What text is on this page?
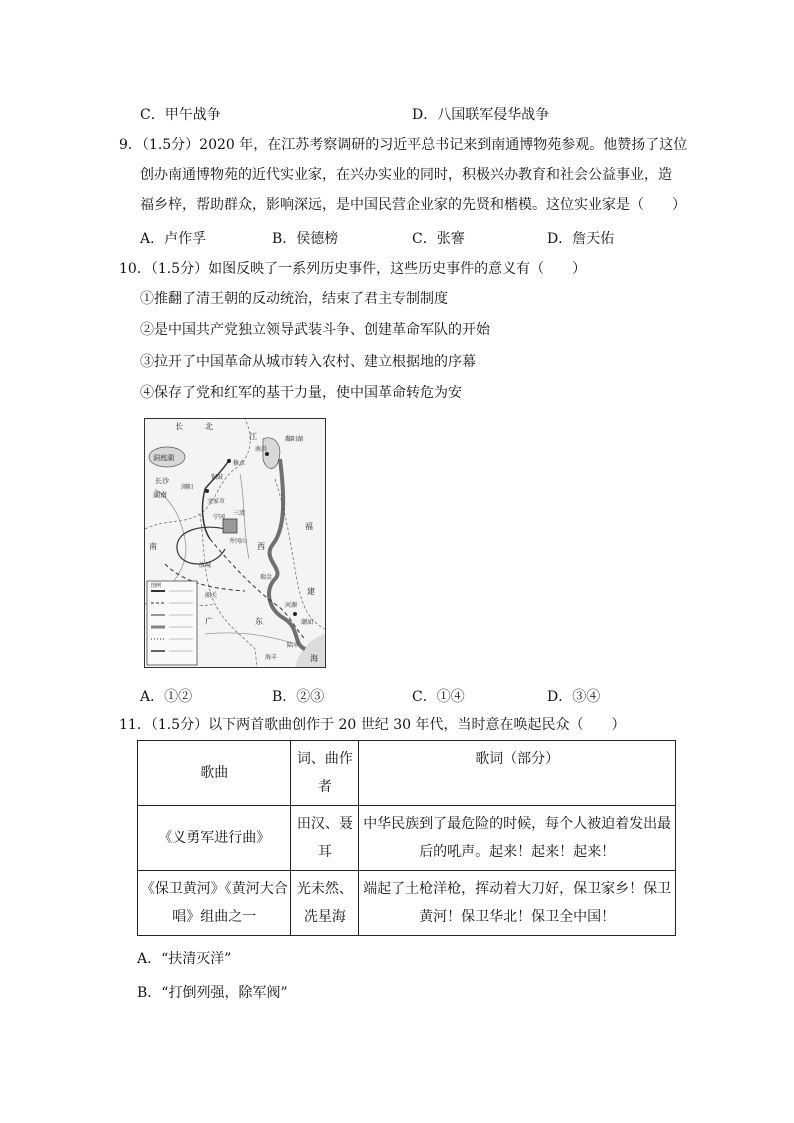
C．甲午战争	D．八国联军侵华战争
9．（1.5分）2020 年，在江苏考察调研的习近平总书记来到南通博物苑参观。他赞扬了这位
创办南通博物苑的近代实业家，在兴办实业的同时，积极兴办教育和社会公益事业，造
福乡梓，帮助群众，影响深远，是中国民营企业家的先贤和楷模。这位实业家是（　　）
A．卢作孚	B．侯德榜	C．张謇	D．詹天佑
10．（1.5分）如图反映了一系列历史事件，这些历史事件的意义有（　　）
①推翻了清王朝的反动统治，结束了君主专制制度
②是中国共产党独立领导武装斗争、创建革命军队的开始
③拉开了中国革命从城市转入农村、建立根据地的序幕
④保存了党和红军的基干力量，使中国革命转危为安
长	北
洞庭湖
长沙
湖南
浏阳
铜鼓
修水
文家市
南昌
鄱阳湖
江
西
井冈山
宁冈
三湾
瑞金
福
建
南
广	东
河源
潮汕
陆丰
海丰	海
韶关
汝城
图例
A．①②	B．②③	C．①④	D．③④
11．（1.5分）以下两首歌曲创作于 20 世纪 30 年代，当时意在唤起民众（　　）
歌曲	词、曲作者	歌词（部分）
《义勇军进行曲》	田汉、聂耳	中华民族到了最危险的时候，每个人被迫着发出最后的吼声。起来！起来！起来！
《保卫黄河》《黄河大合唱》组曲之一	光未然、冼星海	端起了土枪洋枪，挥动着大刀好，保卫家乡！保卫黄河！保卫华北！保卫全中国！
A．“扶清灭洋”
B．“打倒列强，除军阀”
